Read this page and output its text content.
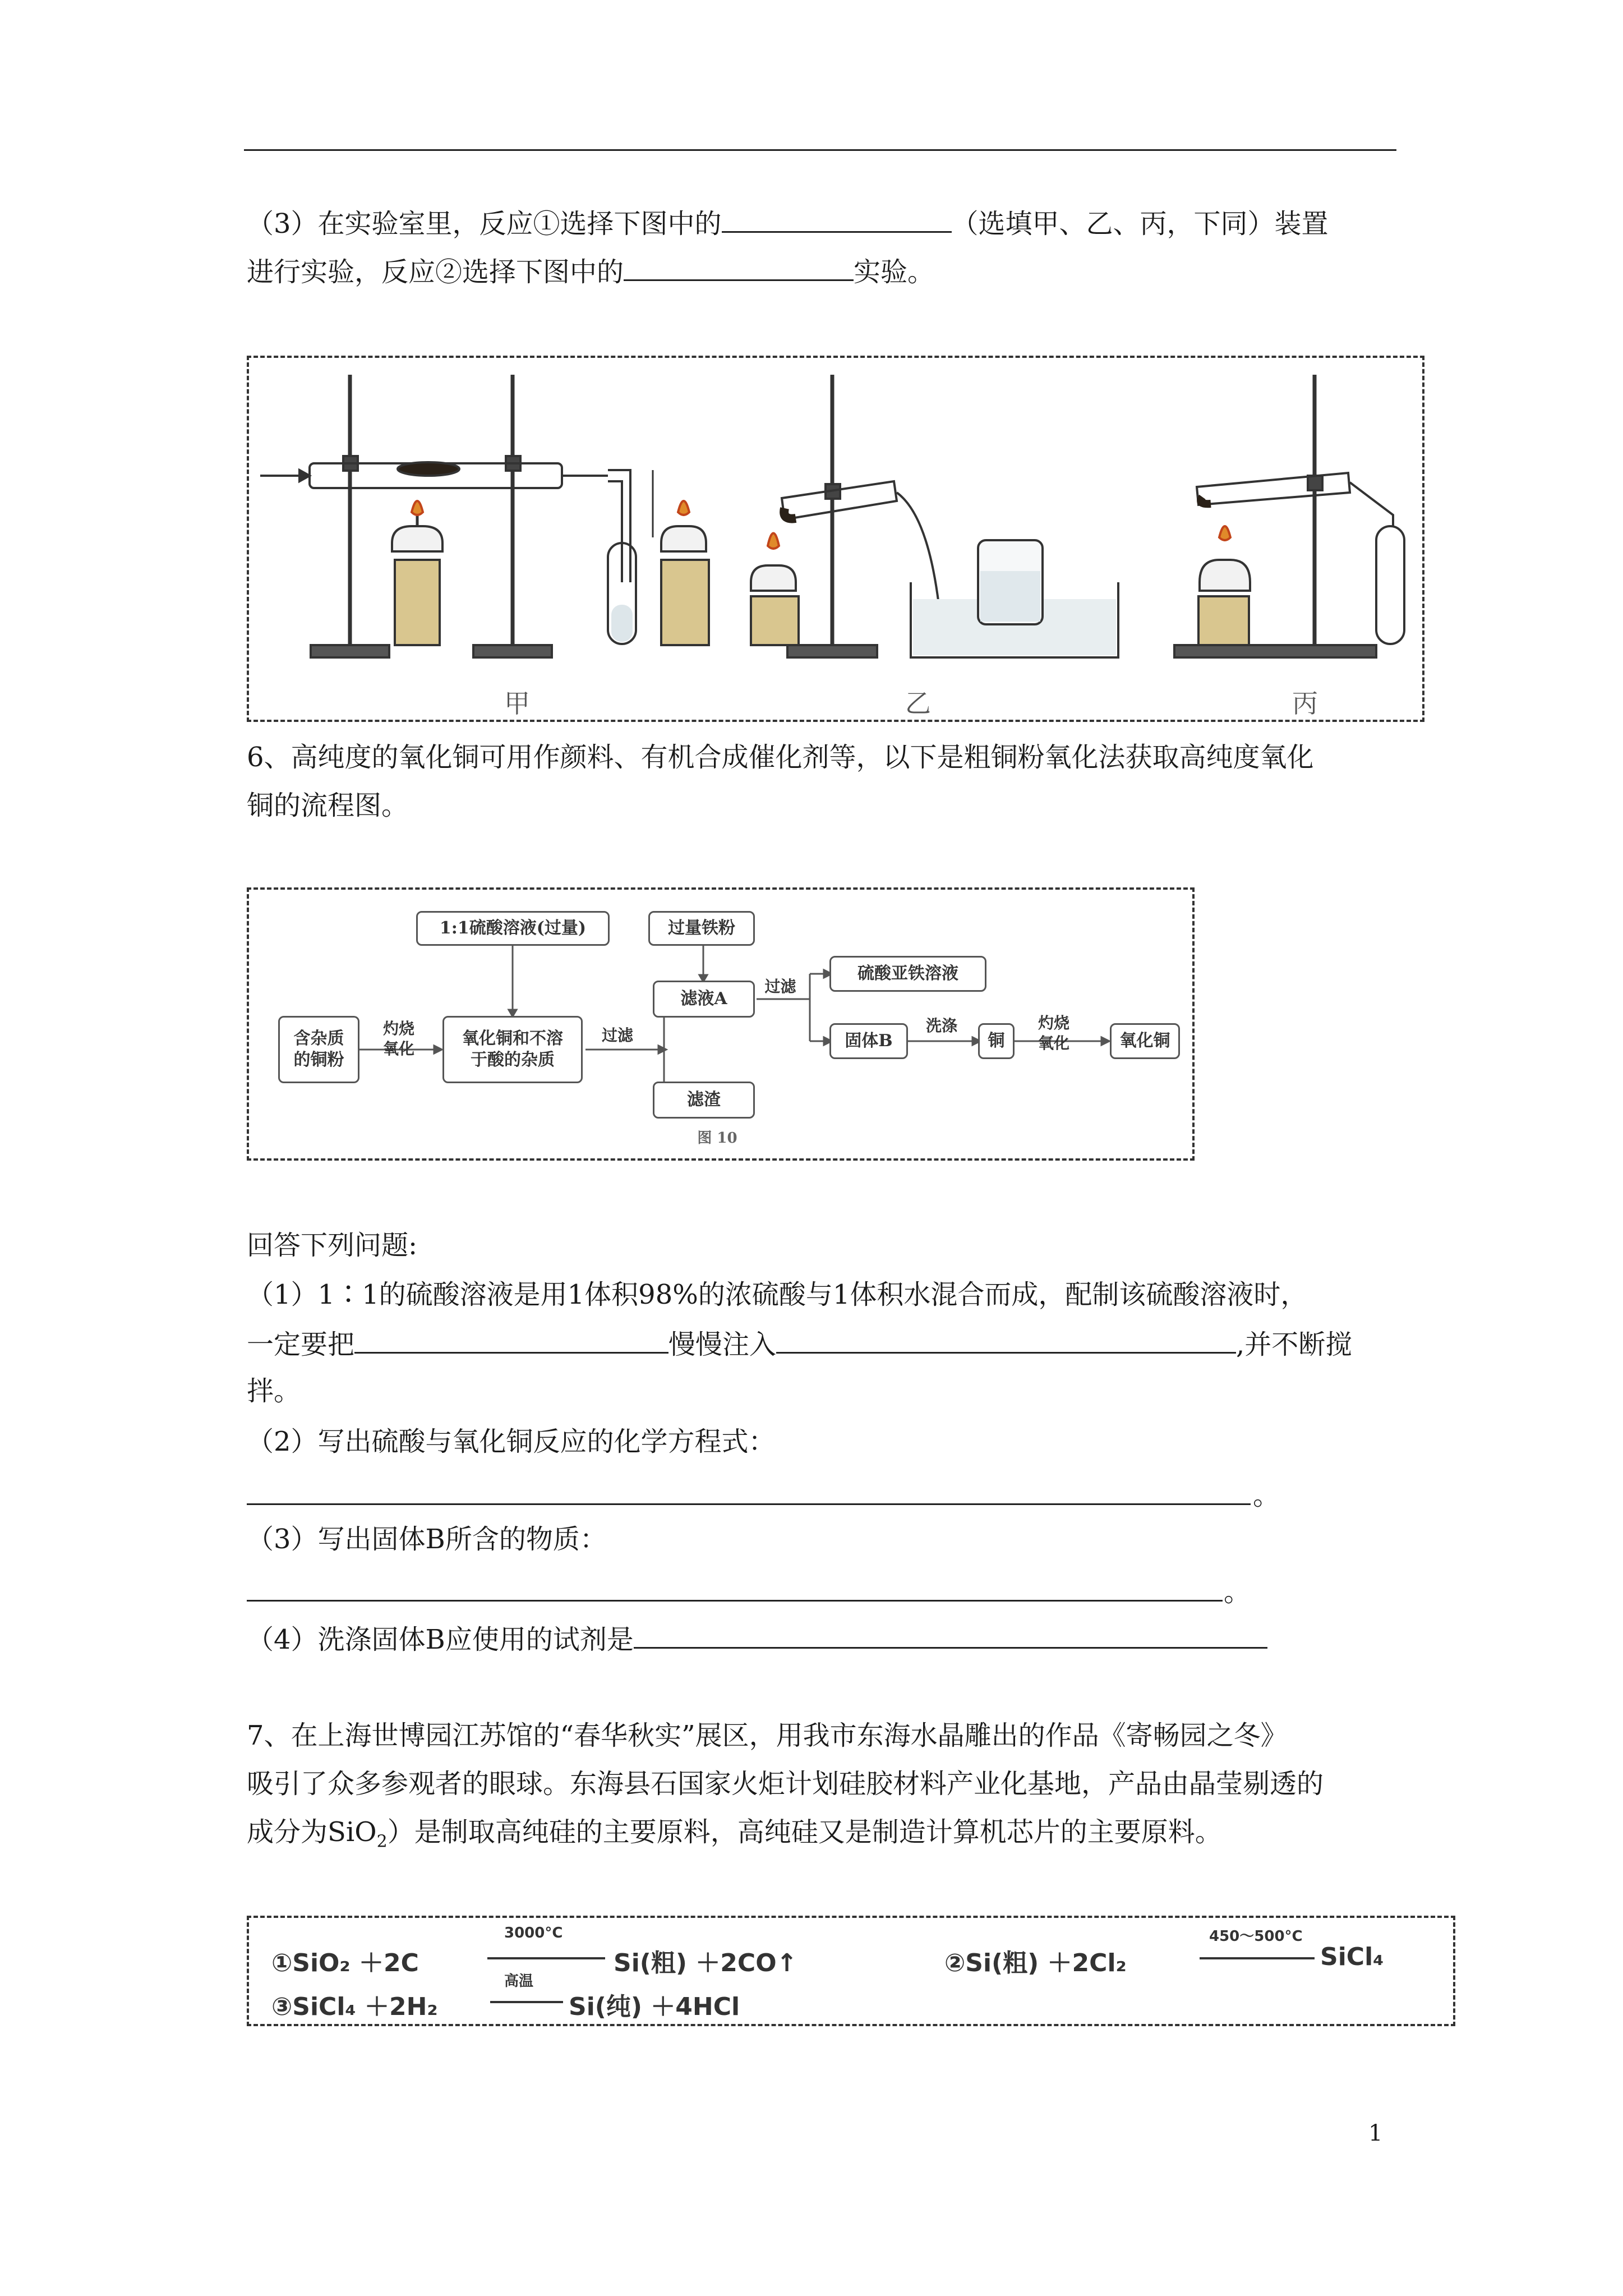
（3）在实验室里，反应①选择下图中的	（选填甲、乙、丙，下同）装置
进行实验，反应②选择下图中的	实验。
甲	乙	丙
6、高纯度的氧化铜可用作颜料、有机合成催化剂等，以下是粗铜粉氧化法获取高纯度氧化
铜的流程图。
1:1硫酸溶液(过量)
含杂质
的铜粉
灼烧
氧化
氧化铜和不溶
于酸的杂质
过滤
过量铁粉
滤液A
滤渣
过滤
硫酸亚铁溶液
固体B
洗涤
铜
灼烧
氧化	氧化铜
图 10
回答下列问题:
（1）1∶1的硫酸溶液是用1体积98%的浓硫酸与1体积水混合而成，配制该硫酸溶液时，
一定要把	慢慢注入	,并不断搅
拌。
（2）写出硫酸与氧化铜反应的化学方程式：
。
（3）写出固体B所含的物质：
。
（4）洗涤固体B应使用的试剂是
7、在上海世博园江苏馆的“春华秋实”展区，用我市东海水晶雕出的作品《寄畅园之冬》
吸引了众多参观者的眼球。东海县石国家火炬计划硅胶材料产业化基地，产品由晶莹剔透的
成分为SiO$_2$）是制取高纯硅的主要原料，高纯硅又是制造计算机芯片的主要原料。
①SiO₂ ＋2C
3000°C
Si(粗) ＋2CO↑	②Si(粗) ＋2Cl₂
450～500°C
SiCl₄
③SiCl₄ ＋2H₂
高温
Si(纯) ＋4HCl
1
